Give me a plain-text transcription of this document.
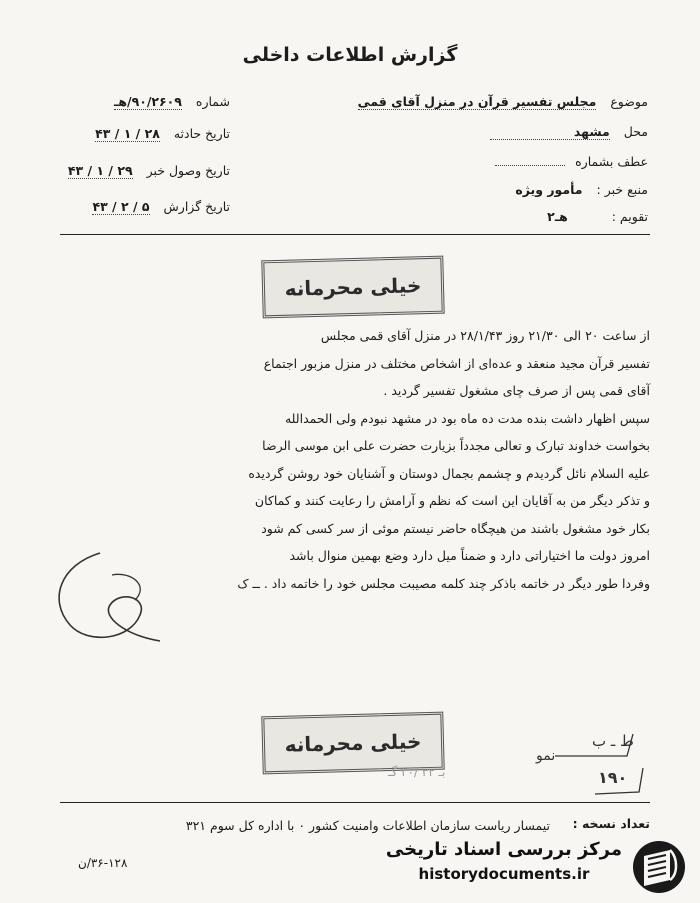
گزارش اطلاعات داخلی
موضوع مجلس تفسیر قرآن در منزل آقای قمی
محل مشهد
عطف بشماره
منبع خبر : مأمور ویژه
تقویم : هـ۲
شماره ۹۰/۲۶۰۹/هـ
تاریخ حادثه ۲۸ / ۱ / ۴۳
تاریخ وصول خبر ۲۹ / ۱ / ۴۳
تاریخ گزارش ۵ / ۲ / ۴۳
خیلی محرمانه

از ساعت ۲۰ الی ۲۱/۳۰ روز ۲۸/۱/۴۳ در منزل آقای قمی مجلس

تفسیر قرآن مجید منعقد و عده‌ای از اشخاص مختلف در منزل مزبور اجتماع

آقای قمی پس از صرف چای مشغول تفسیر گردید .

سپس اظهار داشت بنده مدت ده ماه بود در مشهد نبودم ولی الحمدالله

بخواست خداوند تبارک و تعالی مجدداً بزیارت حضرت علی ابن موسی الرضا

علیه السلام نائل گردیدم و چشمم بجمال دوستان و آشنایان خود روشن گردیده

و تذکر دیگر من به آقایان این است که نظم و آرامش را رعایت کنند و کماکان

بکار خود مشغول باشند من هیچگاه حاضر نیستم موئی از سر کسی کم شود

امروز دولت ما اختیاراتی دارد و ضمناً میل دارد وضع بهمین منوال باشد

وفردا طور دیگر در خاتمه باذکر چند کلمه مصیبت مجلس خود را خاتمه داد . ــ ک

خیلی محرمانه	ط ـ ب
نمو
۱۹۰
بـ ۳۳ /۳۰ گـ
تعداد نسخه :
تیمسار ریاست سازمان اطلاعات وامنیت کشور ۰ با اداره کل سوم ۳۲۱
۳۶-۱۲۸/ن
مرکز بررسی اسناد تاریخی
historydocuments.ir
